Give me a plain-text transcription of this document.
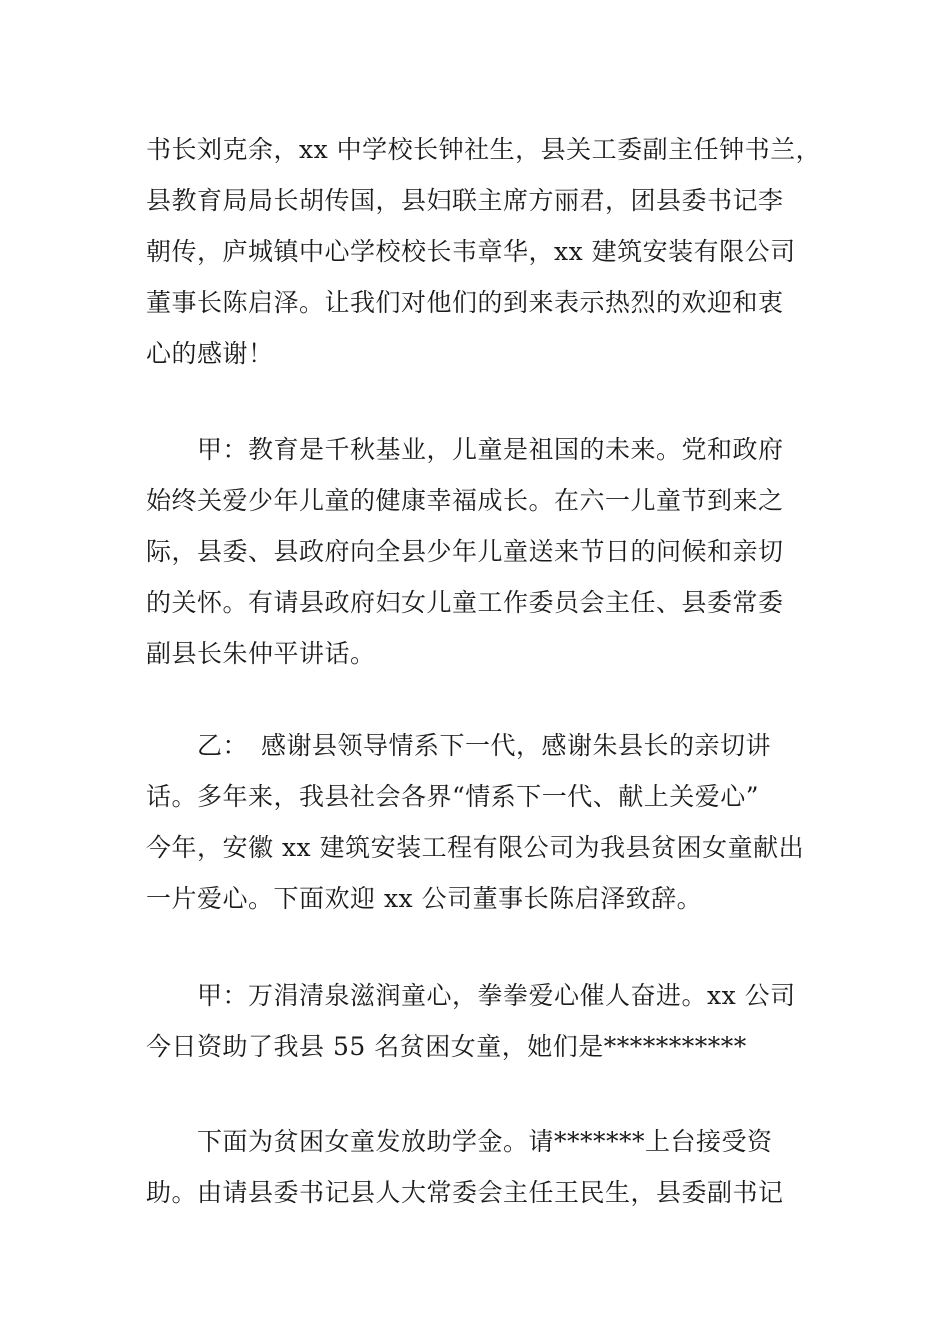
书长刘克余，xx 中学校长钟社生，县关工委副主任钟书兰，
县教育局局长胡传国，县妇联主席方丽君，团县委书记李
朝传，庐城镇中心学校校长韦章华，xx 建筑安装有限公司
董事长陈启泽。让我们对他们的到来表示热烈的欢迎和衷
心的感谢！
　　甲：教育是千秋基业，儿童是祖国的未来。党和政府
始终关爱少年儿童的健康幸福成长。在六一儿童节到来之
际，县委、县政府向全县少年儿童送来节日的问候和亲切
的关怀。有请县政府妇女儿童工作委员会主任、县委常委
副县长朱仲平讲话。
　　乙：　感谢县领导情系下一代，感谢朱县长的亲切讲
话。多年来，我县社会各界“情系下一代、献上关爱心”
今年，安徽 xx 建筑安装工程有限公司为我县贫困女童献出
一片爱心。下面欢迎 xx 公司董事长陈启泽致辞。
　　甲：万涓清泉滋润童心，拳拳爱心催人奋进。xx 公司
今日资助了我县 55 名贫困女童，她们是***********
　　下面为贫困女童发放助学金。请*******上台接受资
助。由请县委书记县人大常委会主任王民生，县委副书记
